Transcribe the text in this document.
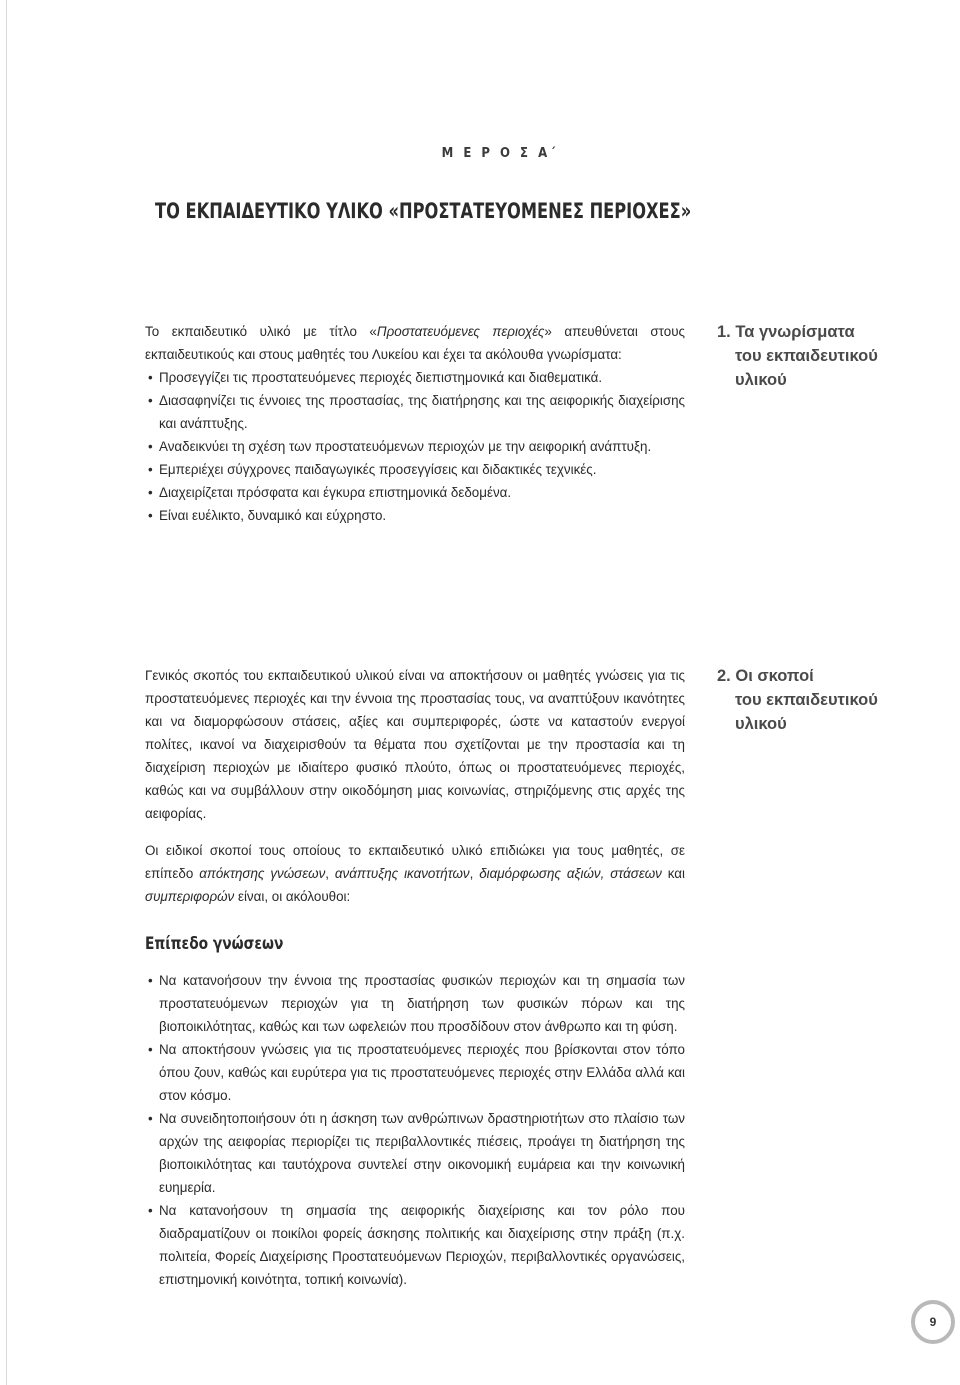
Μ Ε Ρ Ο Σ Α΄
ΤΟ ΕΚΠΑΙΔΕΥΤΙΚΟ ΥΛΙΚΟ «ΠΡΟΣΤΑΤΕΥΟΜΕΝΕΣ ΠΕΡΙΟΧΕΣ»
1. Τα γνωρίσματα
του εκπαιδευτικού
υλικού

Το εκπαιδευτικό υλικό με τίτλο «Προστατευόμενες περιοχές» απευθύνεται στους εκπαιδευτικούς και στους μαθητές του Λυκείου και έχει τα ακόλουθα γνωρίσματα:

• Προσεγγίζει τις προστατευόμενες περιοχές διεπιστημονικά και διαθεματικά.
• Διασαφηνίζει τις έννοιες της προστασίας, της διατήρησης και της αειφορικής διαχείρισης και ανάπτυξης.
• Αναδεικνύει τη σχέση των προστατευόμενων περιοχών με την αειφορική ανάπτυξη.
• Εμπεριέχει σύγχρονες παιδαγωγικές προσεγγίσεις και διδακτικές τεχνικές.
• Διαχειρίζεται πρόσφατα και έγκυρα επιστημονικά δεδομένα.
• Είναι ευέλικτο, δυναμικό και εύχρηστο.
2. Οι σκοποί
του εκπαιδευτικού
υλικού

Γενικός σκοπός του εκπαιδευτικού υλικού είναι να αποκτήσουν οι μαθητές γνώσεις για τις προστατευόμενες περιοχές και την έννοια της προστασίας τους, να αναπτύξουν ικανότητες και να διαμορφώσουν στάσεις, αξίες και συμπεριφορές, ώστε να καταστούν ενεργοί πολίτες, ικανοί να διαχειρισθούν τα θέματα που σχετίζονται με την προστασία και τη διαχείριση περιοχών με ιδιαίτερο φυσικό πλούτο, όπως οι προστατευόμενες περιοχές, καθώς και να συμβάλλουν στην οικοδόμηση μιας κοινωνίας, στηριζόμενης στις αρχές της αειφορίας.

Οι ειδικοί σκοποί τους οποίους το εκπαιδευτικό υλικό επιδιώκει για τους μαθητές, σε επίπεδο απόκτησης γνώσεων, ανάπτυξης ικανοτήτων, διαμόρφωσης αξιών, στάσεων και συμπεριφορών είναι, οι ακόλουθοι:

Επίπεδο γνώσεων
• Να κατανοήσουν την έννοια της προστασίας φυσικών περιοχών και τη σημασία των προστατευόμενων περιοχών για τη διατήρηση των φυσικών πόρων και της βιοποικιλότητας, καθώς και των ωφελειών που προσδίδουν στον άνθρωπο και τη φύση.
• Να αποκτήσουν γνώσεις για τις προστατευόμενες περιοχές που βρίσκονται στον τόπο όπου ζουν, καθώς και ευρύτερα για τις προστατευόμενες περιοχές στην Ελλάδα αλλά και στον κόσμο.
• Να συνειδητοποιήσουν ότι η άσκηση των ανθρώπινων δραστηριοτήτων στο πλαίσιο των αρχών της αειφορίας περιορίζει τις περιβαλλοντικές πιέσεις, προάγει τη διατήρηση της βιοποικιλότητας και ταυτόχρονα συντελεί στην οικονομική ευμάρεια και την κοινωνική ευημερία.
• Να κατανοήσουν τη σημασία της αειφορικής διαχείρισης και τον ρόλο που διαδραματίζουν οι ποικίλοι φορείς άσκησης πολιτικής και διαχείρισης στην πράξη (π.χ. πολιτεία, Φορείς Διαχείρισης Προστατευόμενων Περιοχών, περιβαλλοντικές οργανώσεις, επιστημονική κοινότητα, τοπική κοινωνία).
9
